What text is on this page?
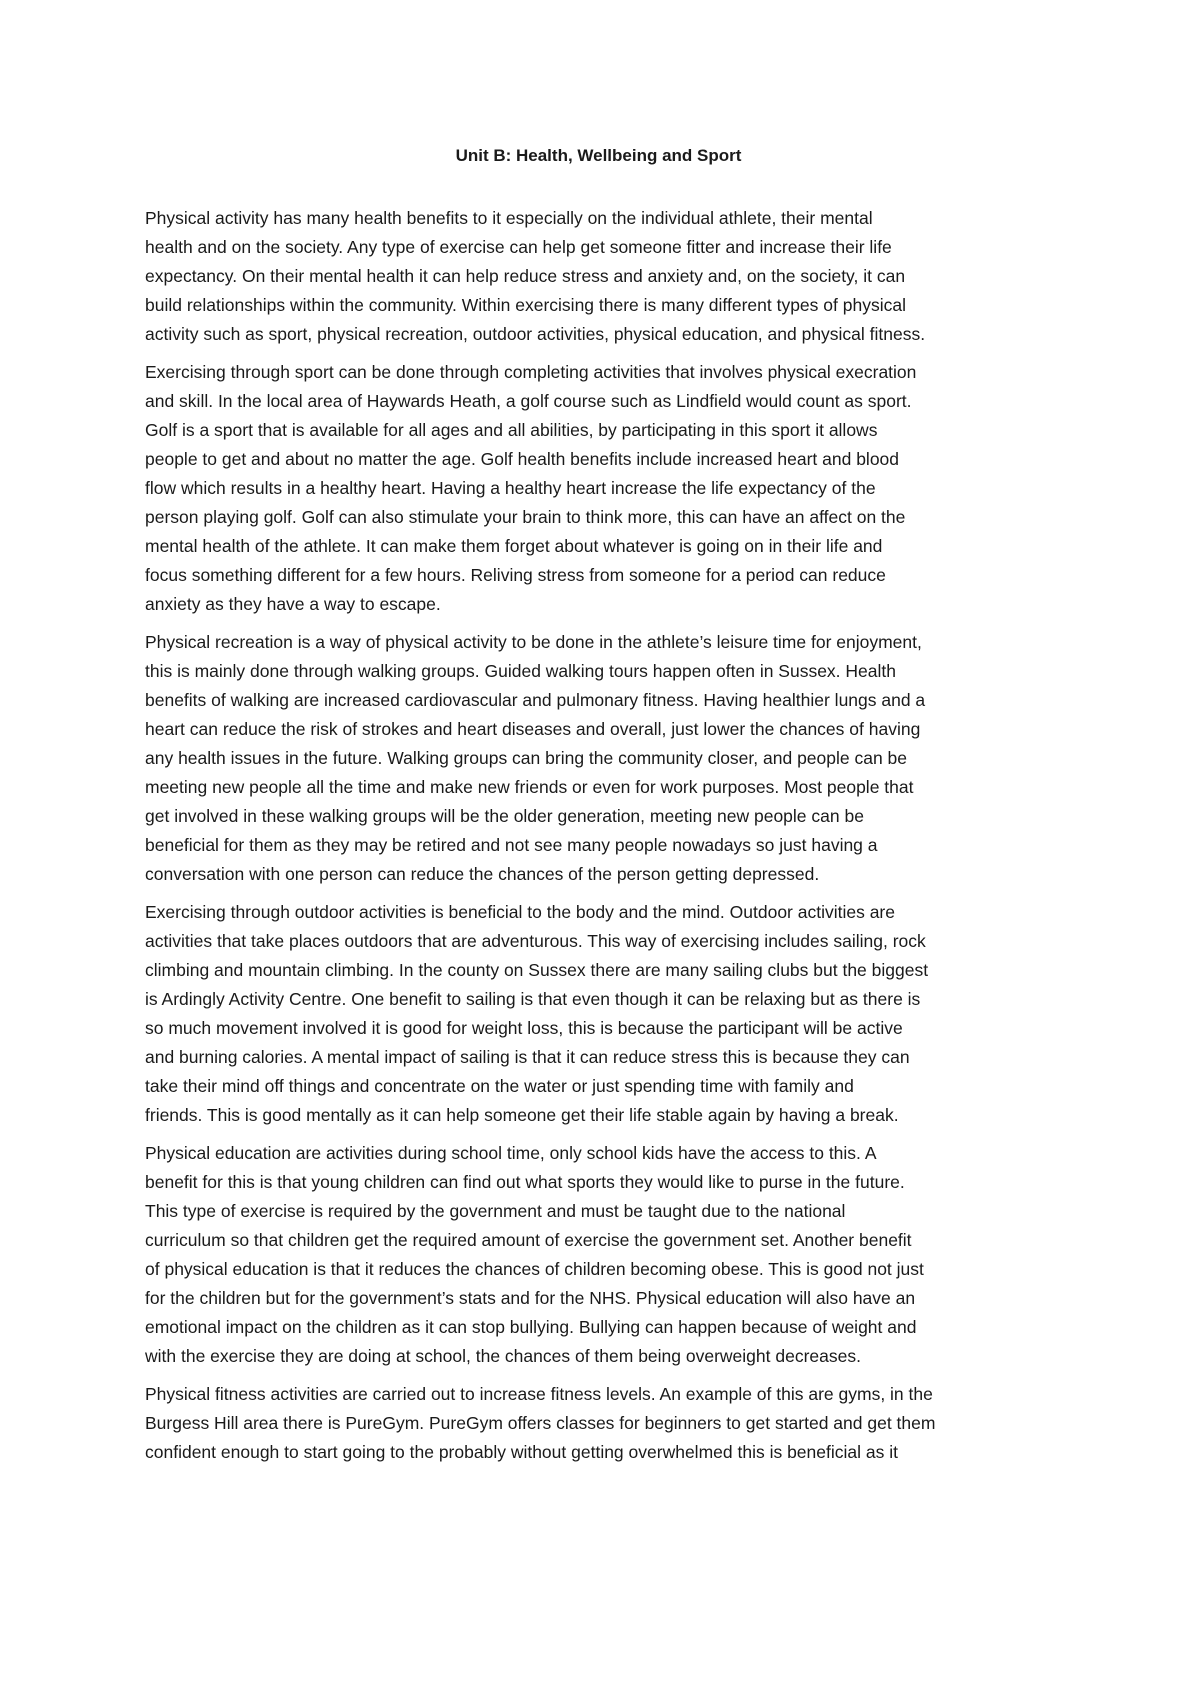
Unit B: Health, Wellbeing and Sport

Physical activity has many health benefits to it especially on the individual athlete, their mental
health and on the society. Any type of exercise can help get someone fitter and increase their life
expectancy. On their mental health it can help reduce stress and anxiety and, on the society, it can
build relationships within the community. Within exercising there is many different types of physical
activity such as sport, physical recreation, outdoor activities, physical education, and physical fitness.

Exercising through sport can be done through completing activities that involves physical execration
and skill. In the local area of Haywards Heath, a golf course such as Lindfield would count as sport.
Golf is a sport that is available for all ages and all abilities, by participating in this sport it allows
people to get and about no matter the age. Golf health benefits include increased heart and blood
flow which results in a healthy heart. Having a healthy heart increase the life expectancy of the
person playing golf. Golf can also stimulate your brain to think more, this can have an affect on the
mental health of the athlete. It can make them forget about whatever is going on in their life and
focus something different for a few hours. Reliving stress from someone for a period can reduce
anxiety as they have a way to escape.

Physical recreation is a way of physical activity to be done in the athlete’s leisure time for enjoyment,
this is mainly done through walking groups. Guided walking tours happen often in Sussex. Health
benefits of walking are increased cardiovascular and pulmonary fitness. Having healthier lungs and a
heart can reduce the risk of strokes and heart diseases and overall, just lower the chances of having
any health issues in the future. Walking groups can bring the community closer, and people can be
meeting new people all the time and make new friends or even for work purposes. Most people that
get involved in these walking groups will be the older generation, meeting new people can be
beneficial for them as they may be retired and not see many people nowadays so just having a
conversation with one person can reduce the chances of the person getting depressed.

Exercising through outdoor activities is beneficial to the body and the mind. Outdoor activities are
activities that take places outdoors that are adventurous. This way of exercising includes sailing, rock
climbing and mountain climbing. In the county on Sussex there are many sailing clubs but the biggest
is Ardingly Activity Centre. One benefit to sailing is that even though it can be relaxing but as there is
so much movement involved it is good for weight loss, this is because the participant will be active
and burning calories. A mental impact of sailing is that it can reduce stress this is because they can
take their mind off things and concentrate on the water or just spending time with family and
friends. This is good mentally as it can help someone get their life stable again by having a break.

Physical education are activities during school time, only school kids have the access to this. A
benefit for this is that young children can find out what sports they would like to purse in the future.
This type of exercise is required by the government and must be taught due to the national
curriculum so that children get the required amount of exercise the government set. Another benefit
of physical education is that it reduces the chances of children becoming obese. This is good not just
for the children but for the government’s stats and for the NHS. Physical education will also have an
emotional impact on the children as it can stop bullying. Bullying can happen because of weight and
with the exercise they are doing at school, the chances of them being overweight decreases.

Physical fitness activities are carried out to increase fitness levels. An example of this are gyms, in the
Burgess Hill area there is PureGym. PureGym offers classes for beginners to get started and get them
confident enough to start going to the probably without getting overwhelmed this is beneficial as it
